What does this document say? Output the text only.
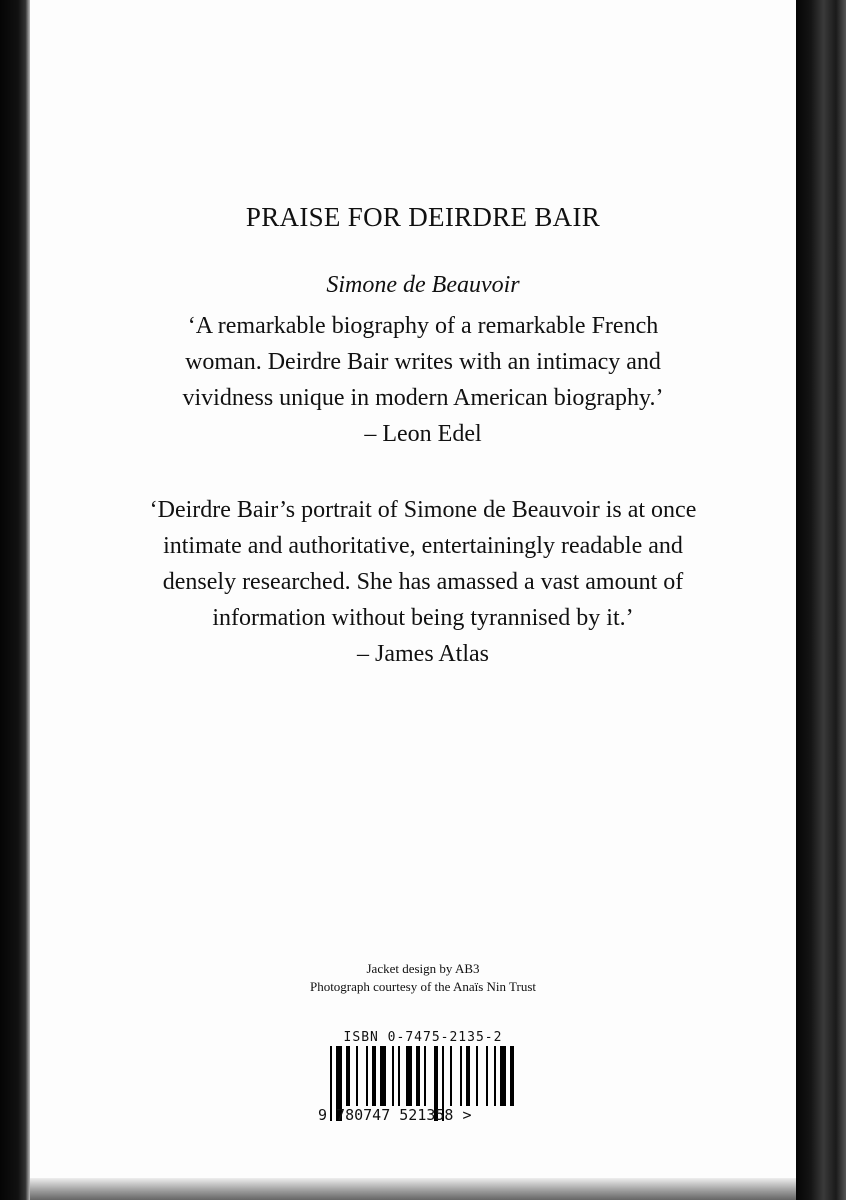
PRAISE FOR DEIRDRE BAIR
Simone de Beauvoir
‘A remarkable biography of a remarkable French
woman. Deirdre Bair writes with an intimacy and
vividness unique in modern American biography.’
– Leon Edel
‘Deirdre Bair’s portrait of Simone de Beauvoir is at once
intimate and authoritative, entertainingly readable and
densely researched. She has amassed a vast amount of
information without being tyrannised by it.’
– James Atlas
Jacket design by AB3
Photograph courtesy of the Anaïs Nin Trust
ISBN 0-7475-2135-2
9 780747 521358 >
